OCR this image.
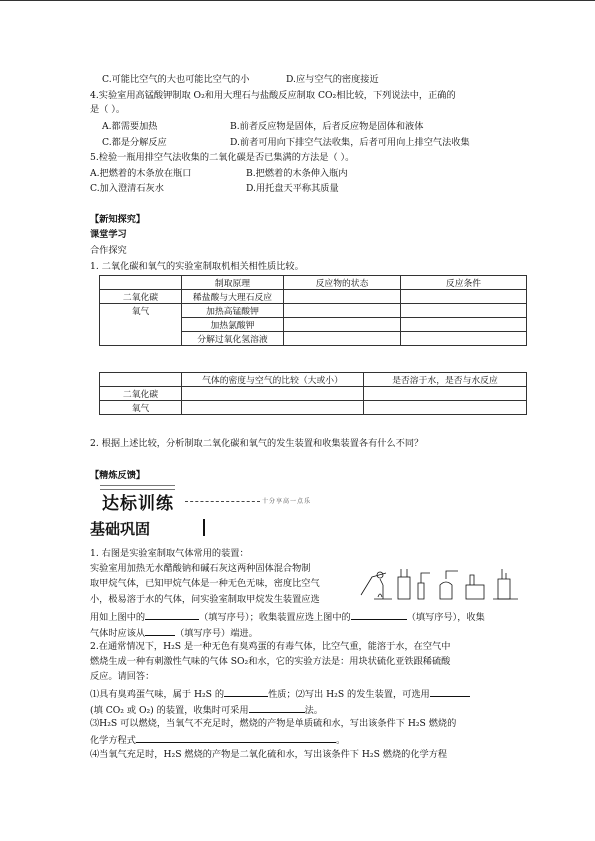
C.可能比空气的大也可能比空气的小	D.应与空气的密度接近
4.实验室用高锰酸钾制取 O₂和用大理石与盐酸反应制取 CO₂相比较，下列说法中，正确的
是（ ）。
A.都需要加热	B.前者反应物是固体，后者反应物是固体和液体
C.都是分解反应	D.前者可用向下排空气法收集，后者可用向上排空气法收集
5.检验一瓶用排空气法收集的二氧化碳是否已集满的方法是（ ）。
A.把燃着的木条放在瓶口	B.把燃着的木条伸入瓶内
C.加入澄清石灰水	D.用托盘天平称其质量
【新知探究】
课堂学习
合作探究
1. 二氧化碳和氧气的实验室制取机相关相性质比较。
	制取原理	反应物的状态	反应条件
二氧化碳	稀盐酸与大理石反应		
氧气	加热高锰酸钾		
	加热氯酸钾		
	分解过氧化氢溶液		
	气体的密度与空气的比较（大或小）	是否溶于水，是否与水反应
二氧化碳		
氧气		
2. 根据上述比较，分析制取二氧化碳和氧气的发生装置和收集装置各有什么不同？
【精炼反馈】
达标训练	十分享高一点乐
基础巩固
1. 右图是实验室制取气体常用的装置：
实验室用加热无水醋酸钠和碱石灰这两种固体混合物制
取甲烷气体，已知甲烷气体是一种无色无味，密度比空气
小，极易溶于水的气体，问实验室制取甲烷发生装置应选
用如上图中的	（填写序号）；收集装置应选上图中的	（填写序号），收集
气体时应该从	（填写序号）端进。
2.在通常情况下，H₂S 是一种无色有臭鸡蛋的有毒气体，比空气重，能溶于水，在空气中
燃烧生成一种有刺激性气味的气体 SO₂和水，它的实验方法是：用块状硫化亚铁跟稀硫酸
反应。请回答：
⑴具有臭鸡蛋气味，属于 H₂S 的	性质；⑵写出 H₂S 的发生装置，可选用
(填 CO₂ 或 O₂) 的装置，收集时可采用	法。
⑶H₂S 可以燃烧，当氧气不充足时，燃烧的产物是单质硫和水，写出该条件下 H₂S 燃烧的
化学方程式	。
⑷当氧气充足时，H₂S 燃烧的产物是二氧化硫和水，写出该条件下 H₂S 燃烧的化学方程
